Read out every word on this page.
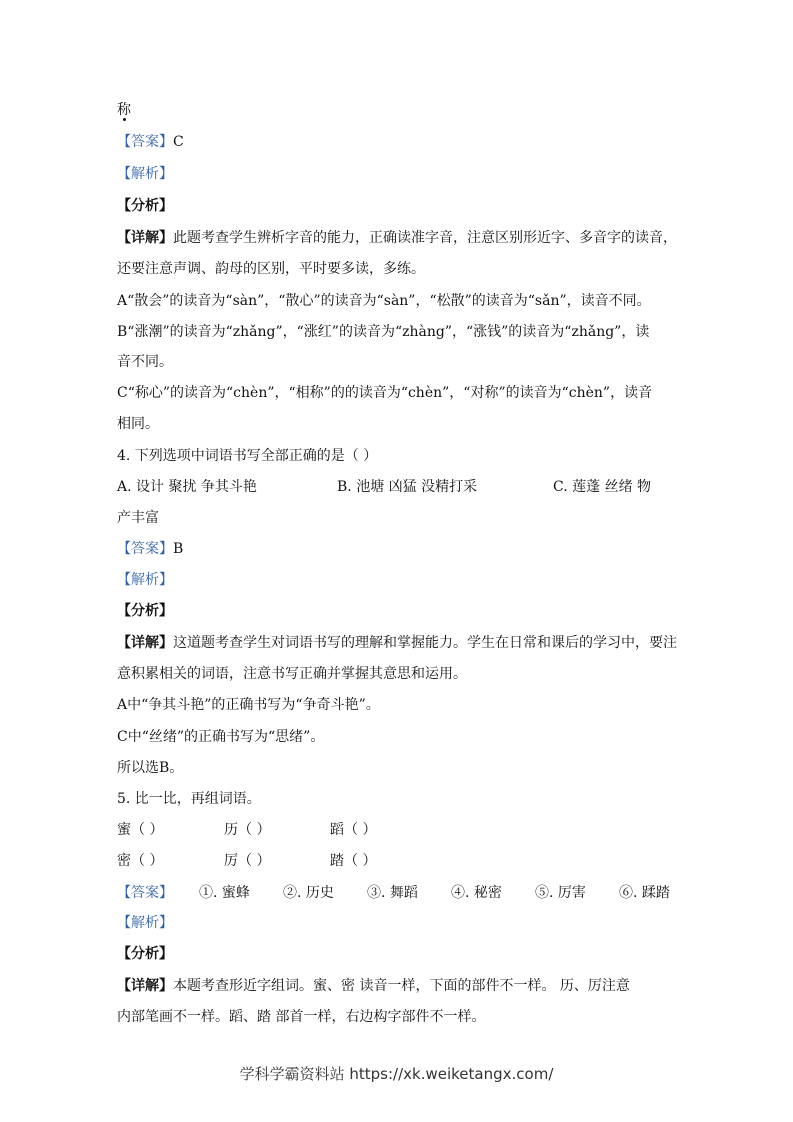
称
【答案】C
【解析】
【分析】
【详解】此题考查学生辨析字音的能力，正确读准字音，注意区别形近字、多音字的读音，
还要注意声调、韵母的区别，平时要多读，多练。
A“散会”的读音为“sàn”，“散心”的读音为“sàn”，“松散”的读音为“sǎn”，读音不同。
B“涨潮”的读音为“zhǎng”，“涨红”的读音为“zhàng”，“涨钱”的读音为“zhǎng”，读
音不同。
C“称心”的读音为“chèn”，“相称”的的读音为“chèn”，“对称”的读音为“chèn”，读音
相同。
4. 下列选项中词语书写全部正确的是（ ）
A. 设计 聚扰 争其斗艳	B. 池塘 凶猛 没精打采	C. 莲蓬 丝绪 物
产丰富
【答案】B
【解析】
【分析】
【详解】这道题考查学生对词语书写的理解和掌握能力。学生在日常和课后的学习中，要注
意积累相关的词语，注意书写正确并掌握其意思和运用。
A中“争其斗艳”的正确书写为“争奇斗艳”。
C中“丝绪”的正确书写为“思绪”。
所以选B。
5. 比一比，再组词语。
蜜（ ）	历（ ）	蹈（ ）
密（ ）	厉（ ）	踏（ ）
【答案】 ①. 蜜蜂 ②. 历史 ③. 舞蹈 ④. 秘密 ⑤. 厉害 ⑥. 蹂踏
【解析】
【分析】
【详解】本题考查形近字组词。蜜、密 读音一样，下面的部件不一样。 历、厉注意
内部笔画不一样。蹈、踏 部首一样，右边构字部件不一样。
学科学霸资料站 https://xk.weiketangx.com/
